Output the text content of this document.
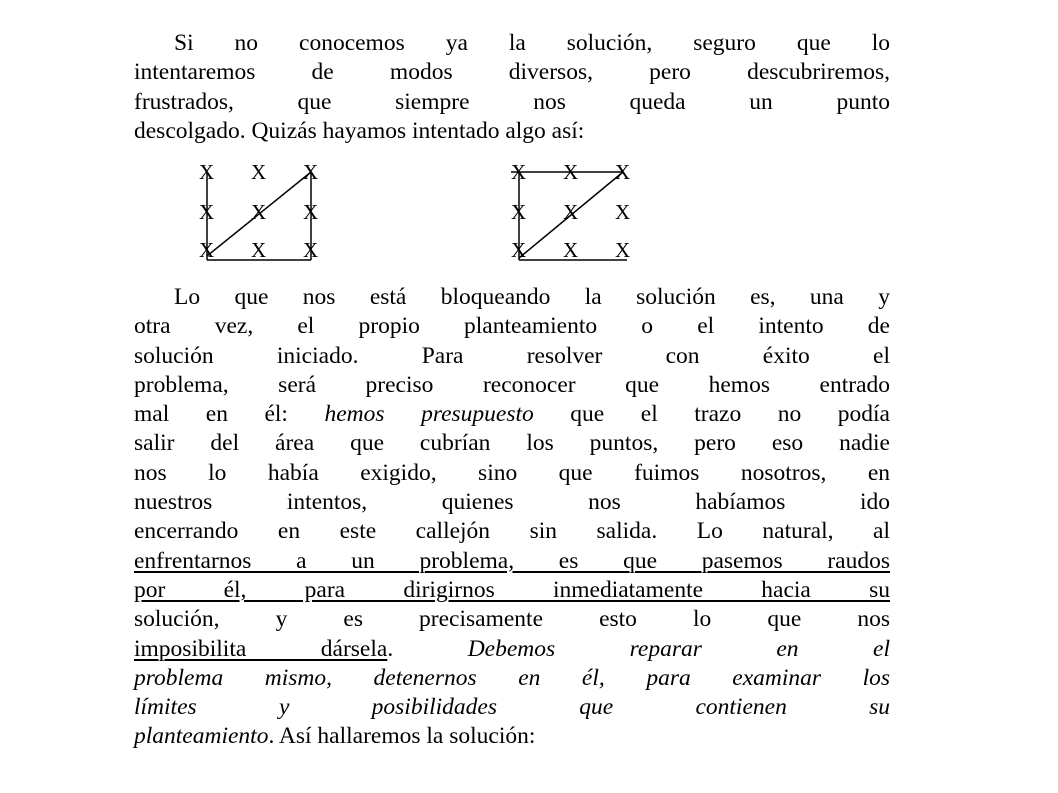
Si no conocemos ya la solución, seguro que lo
intentaremos de modos diversos, pero descubriremos,
frustrados, que siempre nos queda un punto
descolgado. Quizás hayamos intentado algo así:
X X X
X X X
X X X
X X X
X X X
X X X
Lo que nos está bloqueando la solución es, una y
otra vez, el propio planteamiento o el intento de
solución iniciado. Para resolver con éxito el
problema, será preciso reconocer que hemos entrado
mal en él: hemos presupuesto que el trazo no podía
salir del área que cubrían los puntos, pero eso nadie
nos lo había exigido, sino que fuimos nosotros, en
nuestros intentos, quienes nos habíamos ido
encerrando en este callejón sin salida. Lo natural, al
enfrentarnos a un problema, es que pasemos raudos
por él, para dirigirnos inmediatamente hacia su
solución, y es precisamente esto lo que nos
imposibilita dársela. Debemos reparar en el
problema mismo, detenernos en él, para examinar los
límites y posibilidades que contienen su
planteamiento. Así hallaremos la solución:
